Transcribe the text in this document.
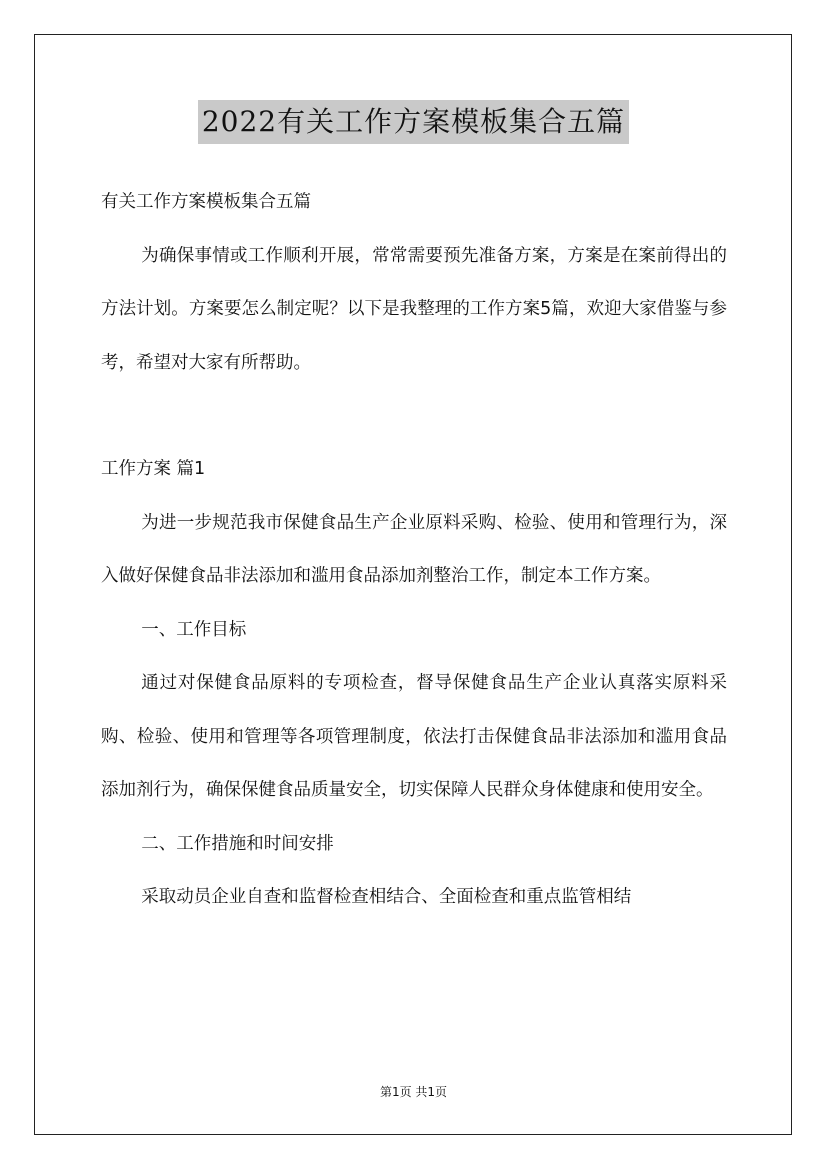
2022有关工作方案模板集合五篇

有关工作方案模板集合五篇

为确保事情或工作顺利开展，常常需要预先准备方案，方案是在案前得出的方法计划。方案要怎么制定呢？以下是我整理的工作方案5篇，欢迎大家借鉴与参考，希望对大家有所帮助。

工作方案 篇1

为进一步规范我市保健食品生产企业原料采购、检验、使用和管理行为，深入做好保健食品非法添加和滥用食品添加剂整治工作，制定本工作方案。

一、工作目标

通过对保健食品原料的专项检查，督导保健食品生产企业认真落实原料采购、检验、使用和管理等各项管理制度，依法打击保健食品非法添加和滥用食品添加剂行为，确保保健食品质量安全，切实保障人民群众身体健康和使用安全。

二、工作措施和时间安排

采取动员企业自查和监督检查相结合、全面检查和重点监管相结

第1页 共1页
